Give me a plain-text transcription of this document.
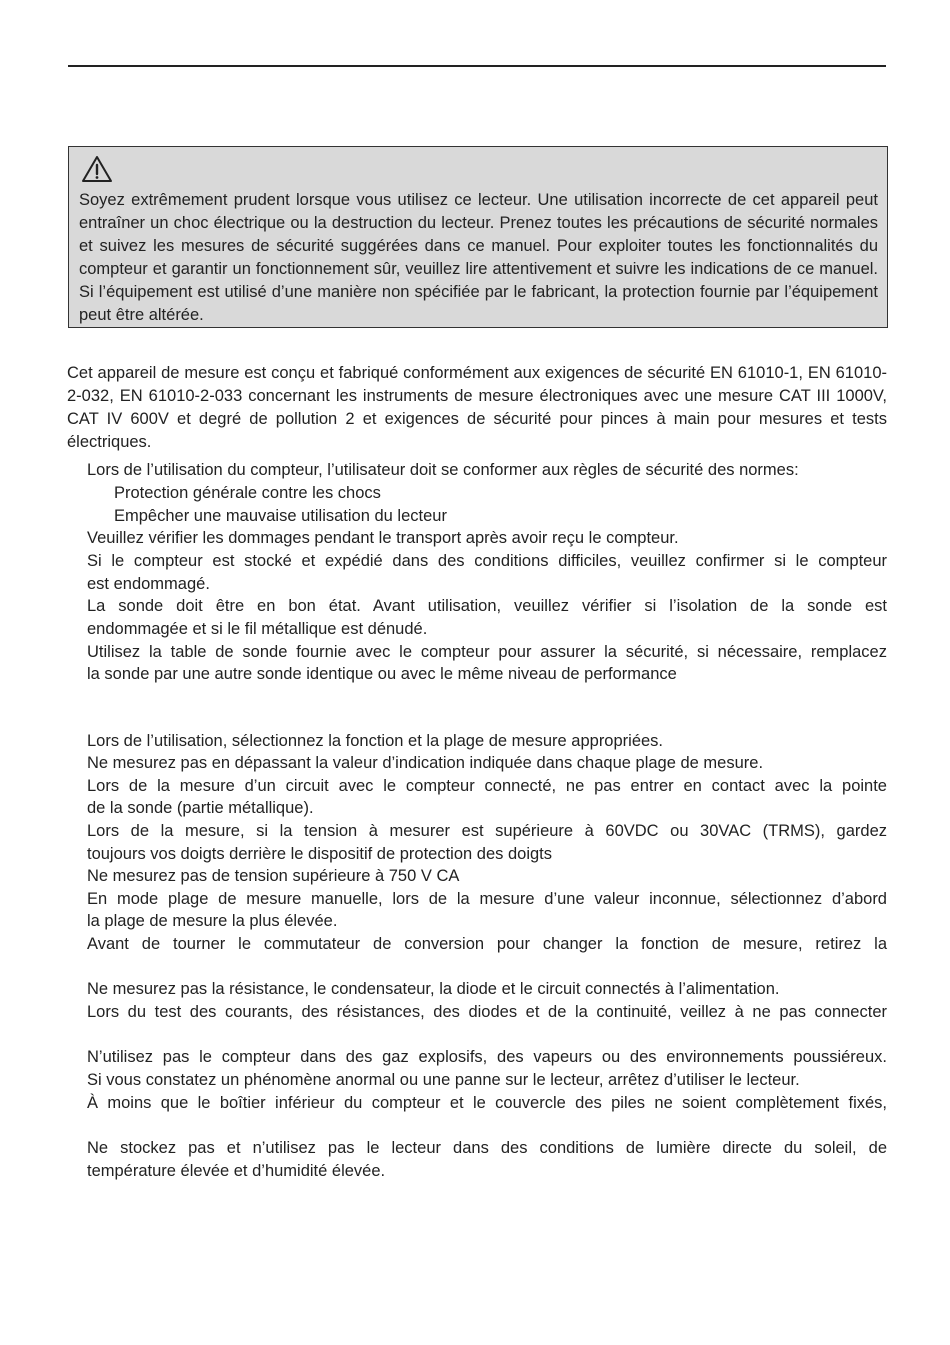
Soyez extrêmement prudent lorsque vous utilisez ce lecteur. Une utilisation incorrecte de cet appareil peut entraîner un choc électrique ou la destruction du lecteur. Prenez toutes les précautions de sécurité normales et suivez les mesures de sécurité suggérées dans ce manuel. Pour exploiter toutes les fonctionnalités du compteur et garantir un fonctionnement sûr, veuillez lire attentivement et suivre les indications de ce manuel. Si l’équipement est utilisé d’une manière non spécifiée par le fabricant, la protection fournie par l’équipement peut être altérée.

Cet appareil de mesure est conçu et fabriqué conformément aux exigences de sécurité EN 61010-1, EN 61010-2-032, EN 61010-2-033 concernant les instruments de mesure électroniques avec une mesure CAT III 1000V, CAT IV 600V et degré de pollution 2 et exigences de sécurité pour pinces à main pour mesures et tests électriques.

Lors de l’utilisation du compteur, l’utilisateur doit se conformer aux règles de sécurité des normes:

Protection générale contre les chocs

Empêcher une mauvaise utilisation du lecteur

Veuillez vérifier les dommages pendant le transport après avoir reçu le compteur.

Si le compteur est stocké et expédié dans des conditions difficiles, veuillez confirmer si le compteur

est endommagé.

La sonde doit être en bon état. Avant utilisation, veuillez vérifier si l’isolation de la sonde est

endommagée et si le fil métallique est dénudé.

Utilisez la table de sonde fournie avec le compteur pour assurer la sécurité, si nécessaire, remplacez

la sonde par une autre sonde identique ou avec le même niveau de performance

Lors de l’utilisation, sélectionnez la fonction et la plage de mesure appropriées.

Ne mesurez pas en dépassant la valeur d’indication indiquée dans chaque plage de mesure.

Lors de la mesure d’un circuit avec le compteur connecté, ne pas entrer en contact avec la pointe

de la sonde (partie métallique).

Lors de la mesure, si la tension à mesurer est supérieure à 60VDC ou 30VAC (TRMS), gardez

toujours vos doigts derrière le dispositif de protection des doigts

Ne mesurez pas de tension supérieure à 750 V CA

En mode plage de mesure manuelle, lors de la mesure d’une valeur inconnue, sélectionnez d’abord

la plage de mesure la plus élevée.

Avant de tourner le commutateur de conversion pour changer la fonction de mesure, retirez la

Ne mesurez pas la résistance, le condensateur, la diode et le circuit connectés à l’alimentation.

Lors du test des courants, des résistances, des diodes et de la continuité, veillez à ne pas connecter

N’utilisez pas le compteur dans des gaz explosifs, des vapeurs ou des environnements poussiéreux.

Si vous constatez un phénomène anormal ou une panne sur le lecteur, arrêtez d’utiliser le lecteur.

À moins que le boîtier inférieur du compteur et le couvercle des piles ne soient complètement fixés,

Ne stockez pas et n’utilisez pas le lecteur dans des conditions de lumière directe du soleil, de

température élevée et d’humidité élevée.
